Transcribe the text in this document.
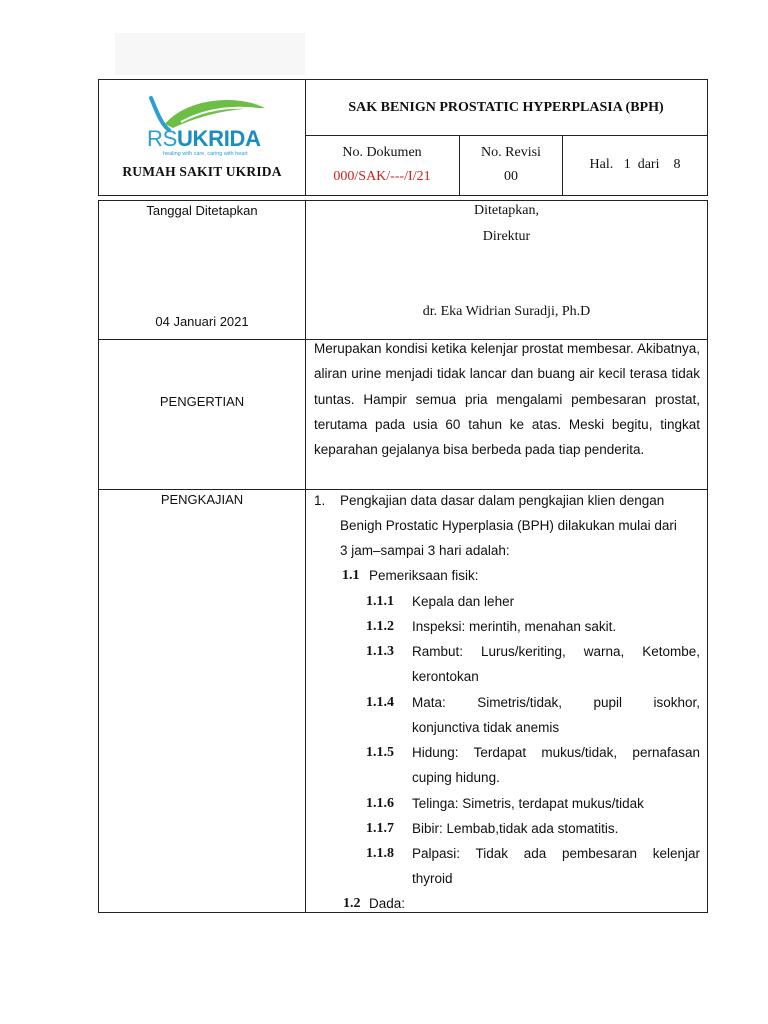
RSUKRIDA
healing with care, caring with heart
RUMAH SAKIT UKRIDA
SAK BENIGN PROSTATIC HYPERPLASIA (BPH)
No. Dokumen
000/SAK/---/I/21
No. Revisi
00
Hal.   1  dari    8
Tanggal Ditetapkan
04 Januari 2021
Ditetapkan,
Direktur
dr. Eka Widrian Suradji, Ph.D
PENGERTIAN
Merupakan kondisi ketika kelenjar prostat membesar. Akibatnya, aliran urine menjadi tidak lancar dan buang air kecil terasa tidak tuntas. Hampir semua pria mengalami pembesaran prostat, terutama pada usia 60 tahun ke atas. Meski begitu, tingkat keparahan gejalanya bisa berbeda pada tiap penderita.
PENGKAJIAN	1. Pengkajian data dasar dalam pengkajian klien dengan
Benigh Prostatic Hyperplasia (BPH) dilakukan mulai dari
3 jam–sampai 3 hari adalah:
1.1 Pemeriksaan fisik:
1.1.1 Kepala dan leher
1.1.2 Inspeksi: merintih, menahan sakit.
1.1.3 Rambut: Lurus/keriting, warna, Ketombe,
kerontokan
1.1.4 Mata: Simetris/tidak, pupil isokhor,
konjunctiva tidak anemis
1.1.5 Hidung: Terdapat mukus/tidak, pernafasan
cuping hidung.
1.1.6 Telinga: Simetris, terdapat mukus/tidak
1.1.7 Bibir: Lembab,tidak ada stomatitis.
1.1.8 Palpasi: Tidak ada pembesaran kelenjar
thyroid
1.2 Dada:
